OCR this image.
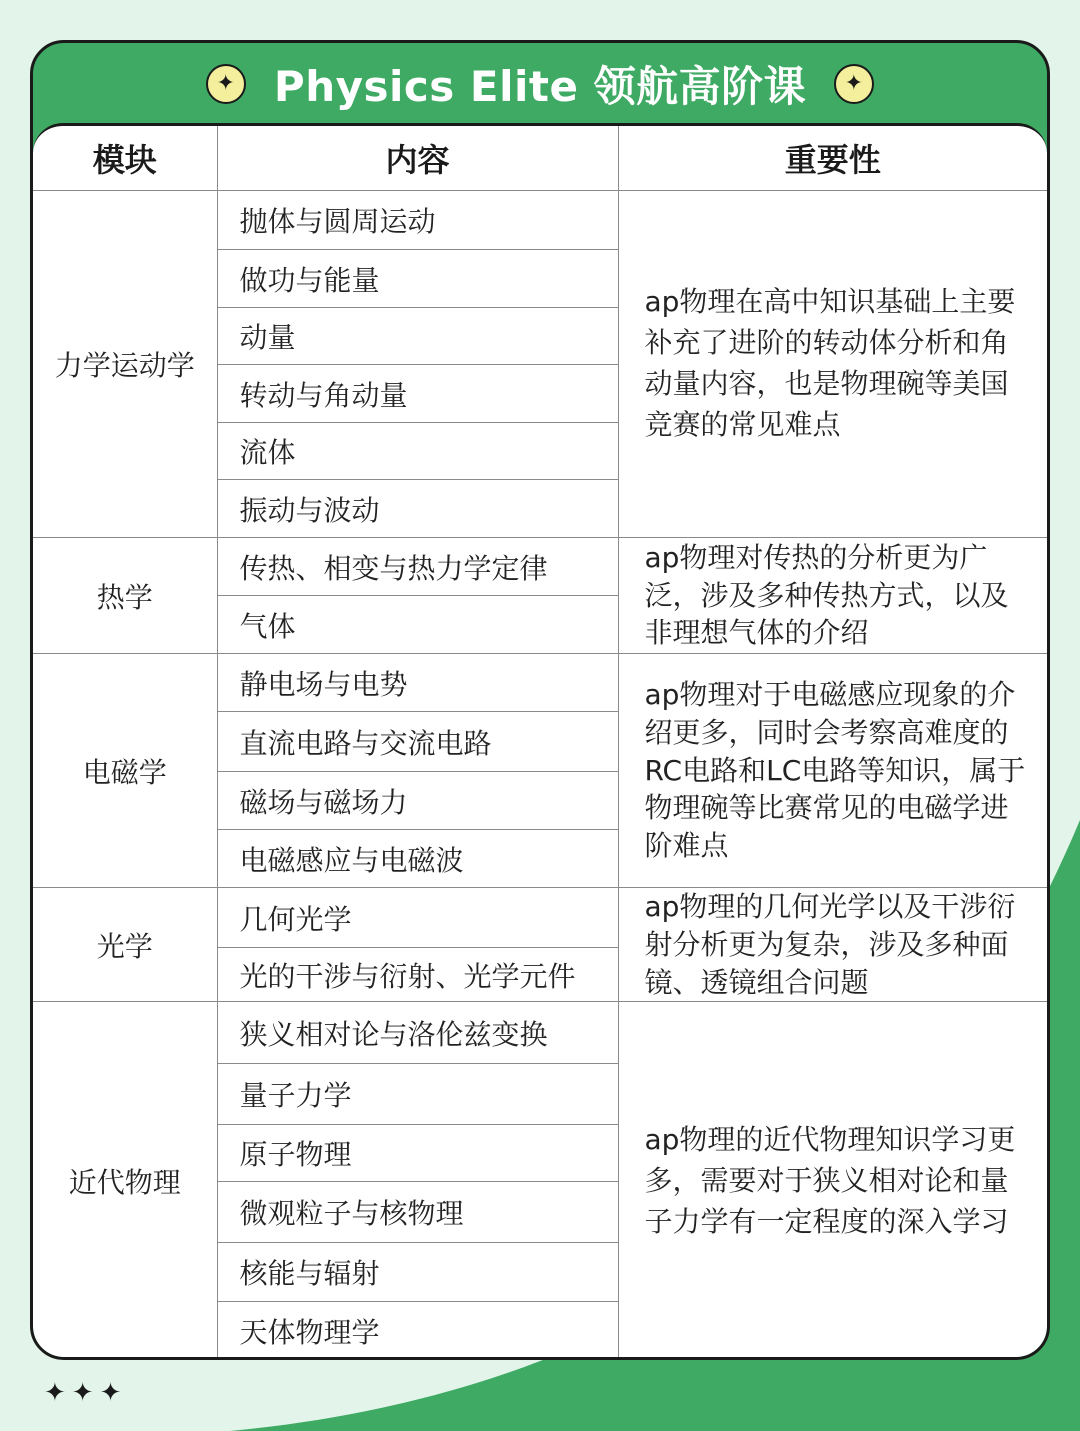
✦ Physics Elite 领航高阶课	✦
模块	内容	重要性
力学运动学	抛体与圆周运动	ap物理在高中知识基础上主要补充了进阶的转动体分析和角动量内容，也是物理碗等美国竞赛的常见难点
	做功与能量	
	动量	
	转动与角动量	
	流体	
	振动与波动	
热学	传热、相变与热力学定律	ap物理对传热的分析更为广泛，涉及多种传热方式，以及非理想气体的介绍
	气体	
电磁学	静电场与电势	ap物理对于电磁感应现象的介绍更多，同时会考察高难度的RC电路和LC电路等知识，属于物理碗等比赛常见的电磁学进阶难点
	直流电路与交流电路	
	磁场与磁场力	
	电磁感应与电磁波	
光学	几何光学	ap物理的几何光学以及干涉衍射分析更为复杂，涉及多种面镜、透镜组合问题
	光的干涉与衍射、光学元件	
近代物理	狭义相对论与洛伦兹变换	ap物理的近代物理知识学习更多，需要对于狭义相对论和量子力学有一定程度的深入学习
	量子力学	
	原子物理	
	微观粒子与核物理	
	核能与辐射	
	天体物理学	
✦✦✦
